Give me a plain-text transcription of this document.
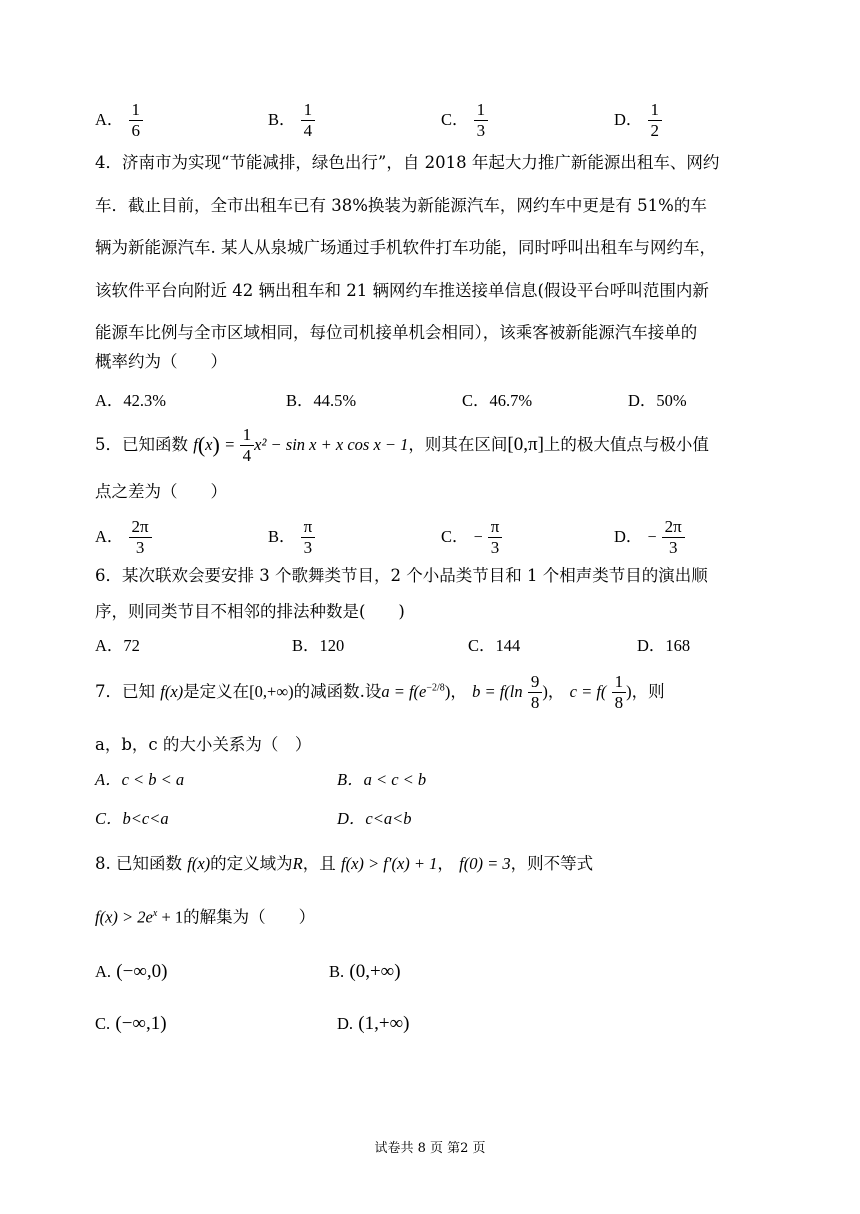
A． $\frac{1}{6}$	B． $\frac{1}{4}$	C． $\frac{1}{3}$	D． $\frac{1}{2}$
4．济南市为实现“节能减排，绿色出行”，自 2018 年起大力推广新能源出租车、网约
车．截止目前，全市出租车已有 38%换装为新能源汽车，网约车中更是有 51%的车
辆为新能源汽车. 某人从泉城广场通过手机软件打车功能，同时呼叫出租车与网约车，
该软件平台向附近 42 辆出租车和 21 辆网约车推送接单信息(假设平台呼叫范围内新
能源车比例与全市区域相同，每位司机接单机会相同），该乘客被新能源汽车接单的
概率约为（　　）
A．42.3%	B．44.5%	C．46.7%	D．50%
5．已知函数 $f(x) = \frac{1}{4} x^2 - \sin x + x$ cos x − 1，则其在区间[0,π]上的极大值点与极小值
点之差为（　　）
A． $\frac{2\pi}{3}$	B． $\frac{\pi}{3}$	C． − $\frac{\pi}{3}$	D． − $\frac{2\pi}{3}$
6．某次联欢会要安排 3 个歌舞类节目，2 个小品类节目和 1 个相声类节目的演出顺
序，则同类节目不相邻的排法种数是(　　)
A．72	B．120	C．144	D．168
7．已知 f(x)是定义在[0,+∞)的减函数.设$a = f(e^{-2/8})$， $b = f(\ln \frac{9}{8}$ )， $c = f( \frac{1}{8}$ )，则
a，b，c 的大小关系为（　）
A．c < b < a	B．a < c < b
C．b<c<a	D．c<a<b
8. 已知函数 f(x)的定义域为R，且 f(x) > f′(x) + 1， f(0) = 3，则不等式
$f(x) > 2e^x + 1$的解集为（　　）
A. (−∞,0)	B. (0,+∞)
C. (−∞,1)	D. (1,+∞)
试卷共 8 页 第2 页
